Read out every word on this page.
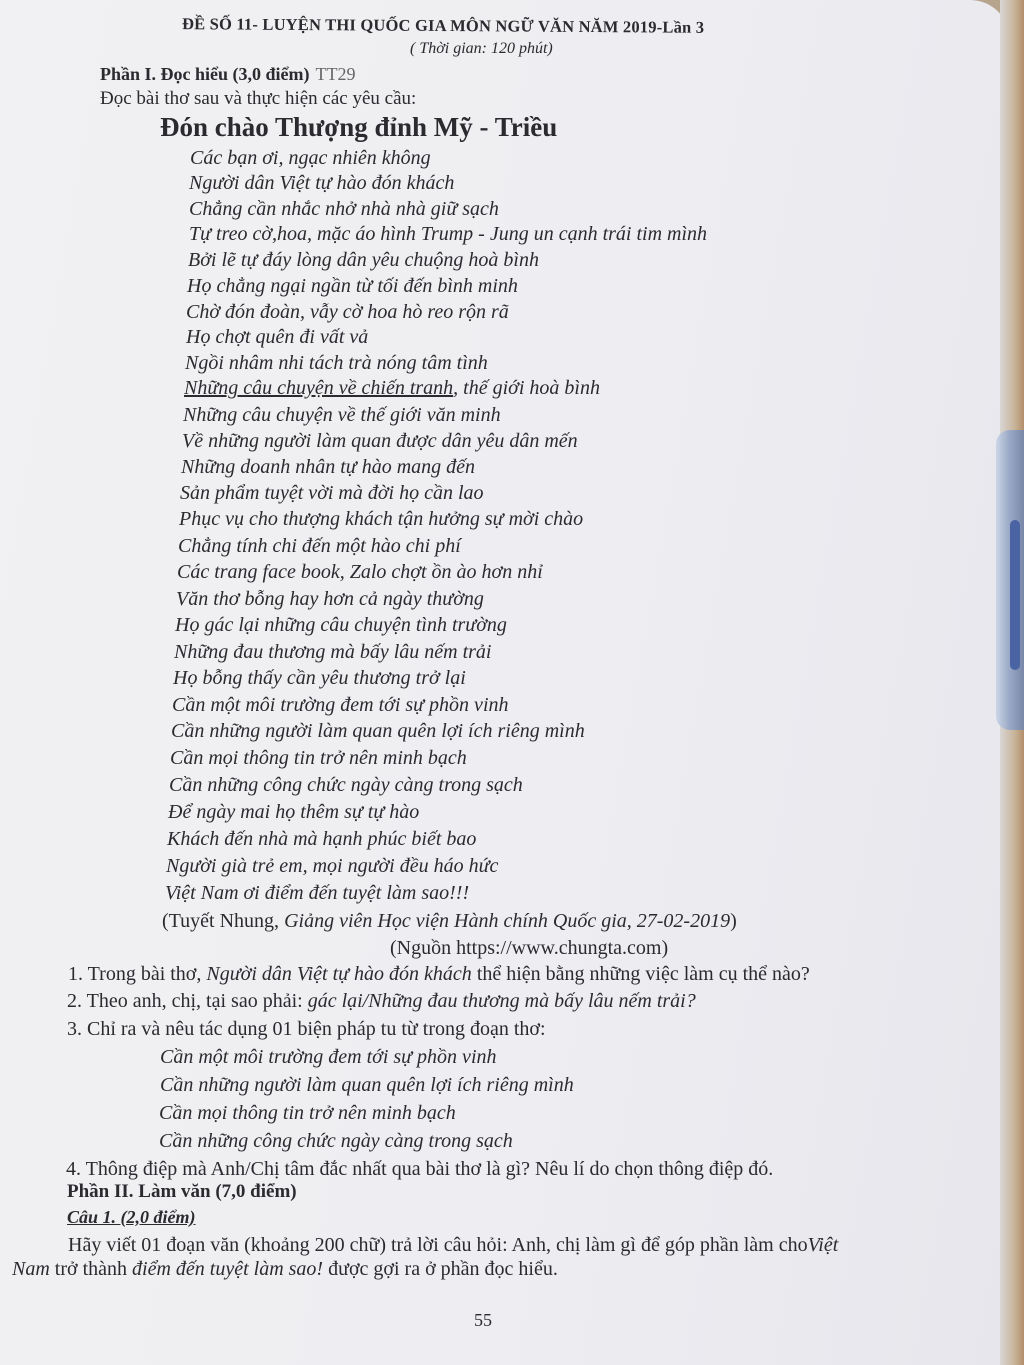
ĐỀ SỐ 11- LUYỆN THI QUỐC GIA MÔN NGỮ VĂN NĂM 2019-Lần 3
( Thời gian: 120 phút)
Phần I. Đọc hiểu (3,0 điểm) TT29
Đọc bài thơ sau và thực hiện các yêu cầu:
Đón chào Thượng đỉnh Mỹ - Triều
Các bạn ơi, ngạc nhiên không
Người dân Việt tự hào đón khách
Chẳng cần nhắc nhở nhà nhà giữ sạch
Tự treo cờ,hoa, mặc áo hình Trump - Jung un cạnh trái tim mình
Bởi lẽ tự đáy lòng dân yêu chuộng hoà bình
Họ chẳng ngại ngần từ tối đến bình minh
Chờ đón đoàn, vẫy cờ hoa hò reo rộn rã
Họ chợt quên đi vất vả
Ngồi nhâm nhi tách trà nóng tâm tình
Những câu chuyện về chiến tranh, thế giới hoà bình
Những câu chuyện về thế giới văn minh
Về những người làm quan được dân yêu dân mến
Những doanh nhân tự hào mang đến
Sản phẩm tuyệt vời mà đời họ cần lao
Phục vụ cho thượng khách tận hưởng sự mời chào
Chẳng tính chi đến một hào chi phí
Các trang face book, Zalo chợt ồn ào hơn nhỉ
Văn thơ bỗng hay hơn cả ngày thường
Họ gác lại những câu chuyện tình trường
Những đau thương mà bấy lâu nếm trải
Họ bỗng thấy cần yêu thương trở lại
Cần một môi trường đem tới sự phồn vinh
Cần những người làm quan quên lợi ích riêng mình
Cần mọi thông tin trở nên minh bạch
Cần những công chức ngày càng trong sạch
Để ngày mai họ thêm sự tự hào
Khách đến nhà mà hạnh phúc biết bao
Người già trẻ em, mọi người đều háo hức
Việt Nam ơi điểm đến tuyệt làm sao!!!
(Tuyết Nhung, Giảng viên Học viện Hành chính Quốc gia, 27-02-2019)
(Nguồn https://www.chungta.com)
1. Trong bài thơ, Người dân Việt tự hào đón khách thể hiện bằng những việc làm cụ thể nào?
2. Theo anh, chị, tại sao phải: gác lại/Những đau thương mà bấy lâu nếm trải?
3. Chỉ ra và nêu tác dụng 01 biện pháp tu từ trong đoạn thơ:
Cần một môi trường đem tới sự phồn vinh
Cần những người làm quan quên lợi ích riêng mình
Cần mọi thông tin trở nên minh bạch
Cần những công chức ngày càng trong sạch
4. Thông điệp mà Anh/Chị tâm đắc nhất qua bài thơ là gì? Nêu lí do chọn thông điệp đó.
Phần II. Làm văn (7,0 điểm)
Câu 1. (2,0 điểm)
Hãy viết 01 đoạn văn (khoảng 200 chữ) trả lời câu hỏi: Anh, chị làm gì để góp phần làm choViệt
Nam trở thành điểm đến tuyệt làm sao! được gợi ra ở phần đọc hiểu.
55
